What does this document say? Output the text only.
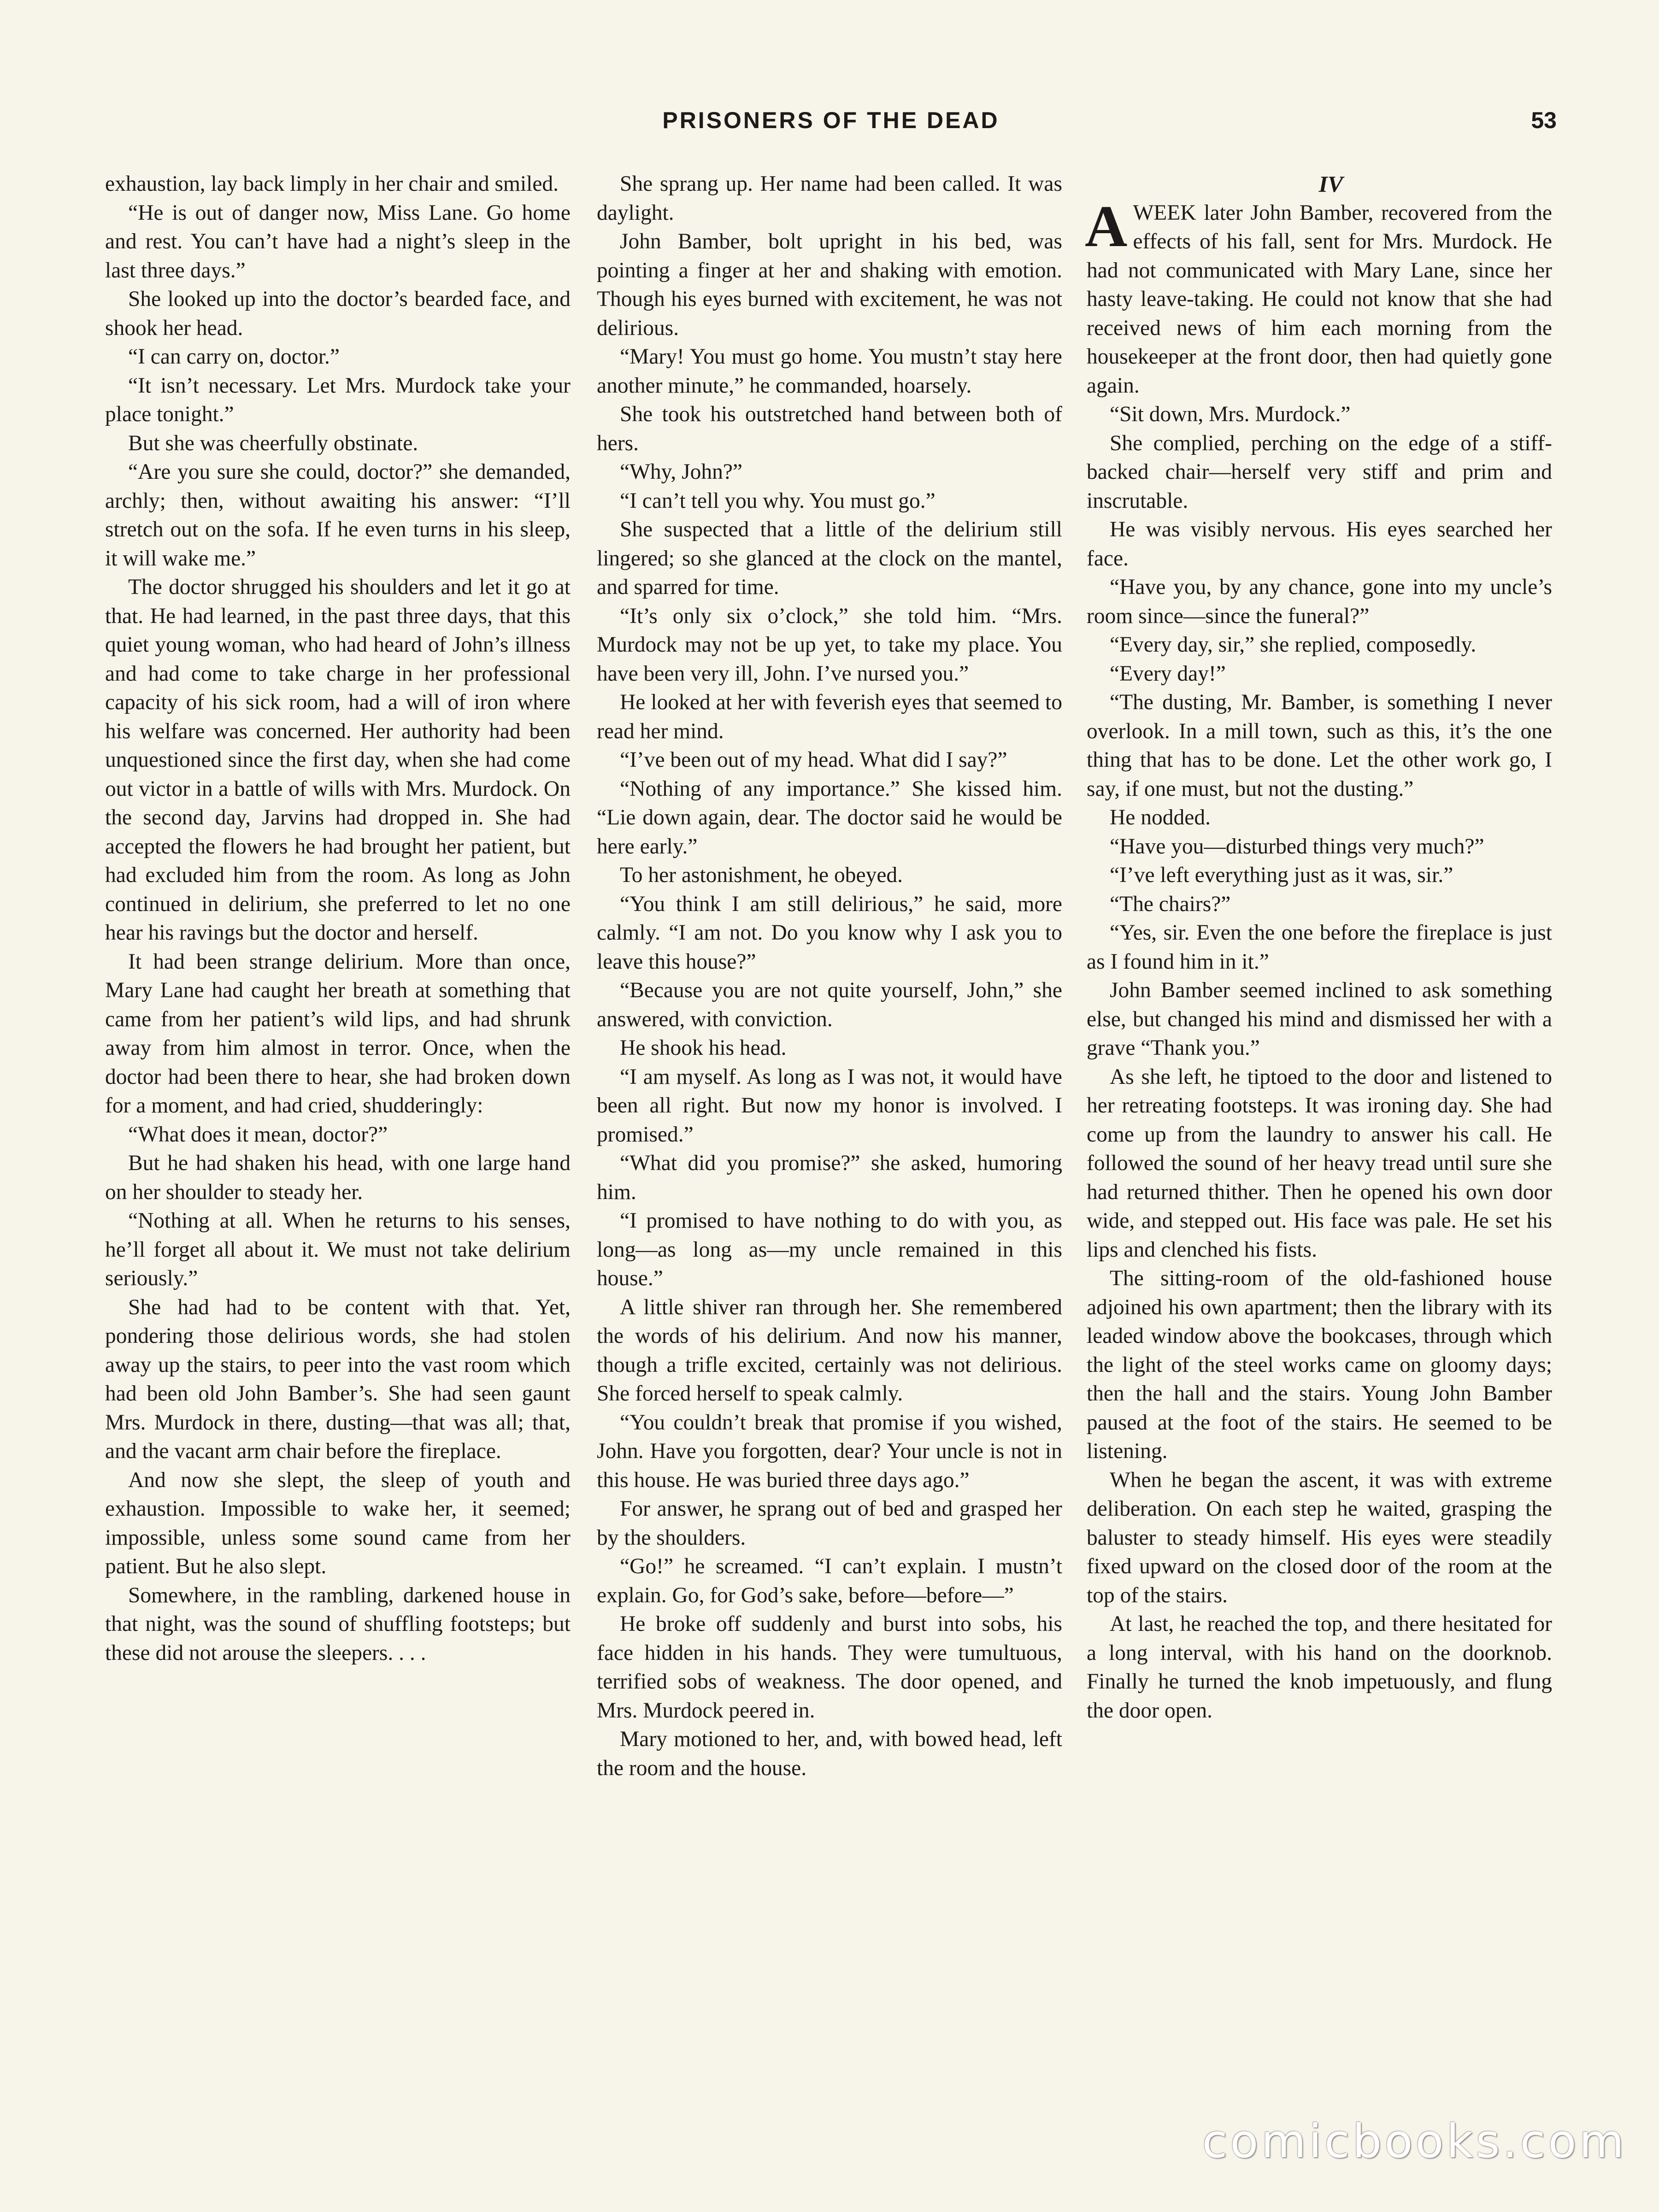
PRISONERS OF THE DEAD	53

exhaustion, lay back limply in her chair and smiled.

“He is out of danger now, Miss Lane. Go home and rest. You can’t have had a night’s sleep in the last three days.”

She looked up into the doctor’s bearded face, and shook her head.

“I can carry on, doctor.”

“It isn’t necessary. Let Mrs. Murdock take your place tonight.”

But she was cheerfully obstinate.

“Are you sure she could, doctor?” she demanded, archly; then, without awaiting his answer: “I’ll stretch out on the sofa. If he even turns in his sleep, it will wake me.”

The doctor shrugged his shoulders and let it go at that. He had learned, in the past three days, that this quiet young woman, who had heard of John’s illness and had come to take charge in her professional capacity of his sick room, had a will of iron where his welfare was concerned. Her authority had been unquestioned since the first day, when she had come out victor in a battle of wills with Mrs. Murdock. On the second day, Jarvins had dropped in. She had accepted the flowers he had brought her patient, but had excluded him from the room. As long as John continued in delirium, she preferred to let no one hear his ravings but the doctor and herself.

It had been strange delirium. More than once, Mary Lane had caught her breath at something that came from her patient’s wild lips, and had shrunk away from him almost in terror. Once, when the doctor had been there to hear, she had broken down for a moment, and had cried, shudderingly:

“What does it mean, doctor?”

But he had shaken his head, with one large hand on her shoulder to steady her.

“Nothing at all. When he returns to his senses, he’ll forget all about it. We must not take delirium seriously.”

She had had to be content with that. Yet, pondering those delirious words, she had stolen away up the stairs, to peer into the vast room which had been old John Bamber’s. She had seen gaunt Mrs. Murdock in there, dusting—that was all; that, and the vacant arm chair before the fireplace.

And now she slept, the sleep of youth and exhaustion. Impossible to wake her, it seemed; impossible, unless some sound came from her patient. But he also slept.

Somewhere, in the rambling, darkened house in that night, was the sound of shuffling footsteps; but these did not arouse the sleepers. . . .

She sprang up. Her name had been called. It was daylight.

John Bamber, bolt upright in his bed, was pointing a finger at her and shaking with emotion. Though his eyes burned with excitement, he was not delirious.

“Mary! You must go home. You mustn’t stay here another minute,” he commanded, hoarsely.

She took his outstretched hand between both of hers.

“Why, John?”

“I can’t tell you why. You must go.”

She suspected that a little of the delirium still lingered; so she glanced at the clock on the mantel, and sparred for time.

“It’s only six o’clock,” she told him. “Mrs. Murdock may not be up yet, to take my place. You have been very ill, John. I’ve nursed you.”

He looked at her with feverish eyes that seemed to read her mind.

“I’ve been out of my head. What did I say?”

“Nothing of any importance.” She kissed him. “Lie down again, dear. The doctor said he would be here early.”

To her astonishment, he obeyed.

“You think I am still delirious,” he said, more calmly. “I am not. Do you know why I ask you to leave this house?”

“Because you are not quite yourself, John,” she answered, with conviction.

He shook his head.

“I am myself. As long as I was not, it would have been all right. But now my honor is involved. I promised.”

“What did you promise?” she asked, humoring him.

“I promised to have nothing to do with you, as long—as long as—my uncle remained in this house.”

A little shiver ran through her. She remembered the words of his delirium. And now his manner, though a trifle excited, certainly was not delirious. She forced herself to speak calmly.

“You couldn’t break that promise if you wished, John. Have you forgotten, dear? Your uncle is not in this house. He was buried three days ago.”

For answer, he sprang out of bed and grasped her by the shoulders.

“Go!” he screamed. “I can’t explain. I mustn’t explain. Go, for God’s sake, before—before—”

He broke off suddenly and burst into sobs, his face hidden in his hands. They were tumultuous, terrified sobs of weakness. The door opened, and Mrs. Murdock peered in.

Mary motioned to her, and, with bowed head, left the room and the house.

IV

AWEEK later John Bamber, recovered from the effects of his fall, sent for Mrs. Murdock. He had not communicated with Mary Lane, since her hasty leave-taking. He could not know that she had received news of him each morning from the housekeeper at the front door, then had quietly gone again.

“Sit down, Mrs. Murdock.”

She complied, perching on the edge of a stiff-backed chair—herself very stiff and prim and inscrutable.

He was visibly nervous. His eyes searched her face.

“Have you, by any chance, gone into my uncle’s room since—since the funeral?”

“Every day, sir,” she replied, composedly.

“Every day!”

“The dusting, Mr. Bamber, is something I never overlook. In a mill town, such as this, it’s the one thing that has to be done. Let the other work go, I say, if one must, but not the dusting.”

He nodded.

“Have you—disturbed things very much?”

“I’ve left everything just as it was, sir.”

“The chairs?”

“Yes, sir. Even the one before the fireplace is just as I found him in it.”

John Bamber seemed inclined to ask something else, but changed his mind and dismissed her with a grave “Thank you.”

As she left, he tiptoed to the door and listened to her retreating footsteps. It was ironing day. She had come up from the laundry to answer his call. He followed the sound of her heavy tread until sure she had returned thither. Then he opened his own door wide, and stepped out. His face was pale. He set his lips and clenched his fists.

The sitting-room of the old-fashioned house adjoined his own apartment; then the library with its leaded window above the bookcases, through which the light of the steel works came on gloomy days; then the hall and the stairs. Young John Bamber paused at the foot of the stairs. He seemed to be listening.

When he began the ascent, it was with extreme deliberation. On each step he waited, grasping the baluster to steady himself. His eyes were steadily fixed upward on the closed door of the room at the top of the stairs.

At last, he reached the top, and there hesitated for a long interval, with his hand on the doorknob. Finally he turned the knob impetuously, and flung the door open.

comicbooks.com
